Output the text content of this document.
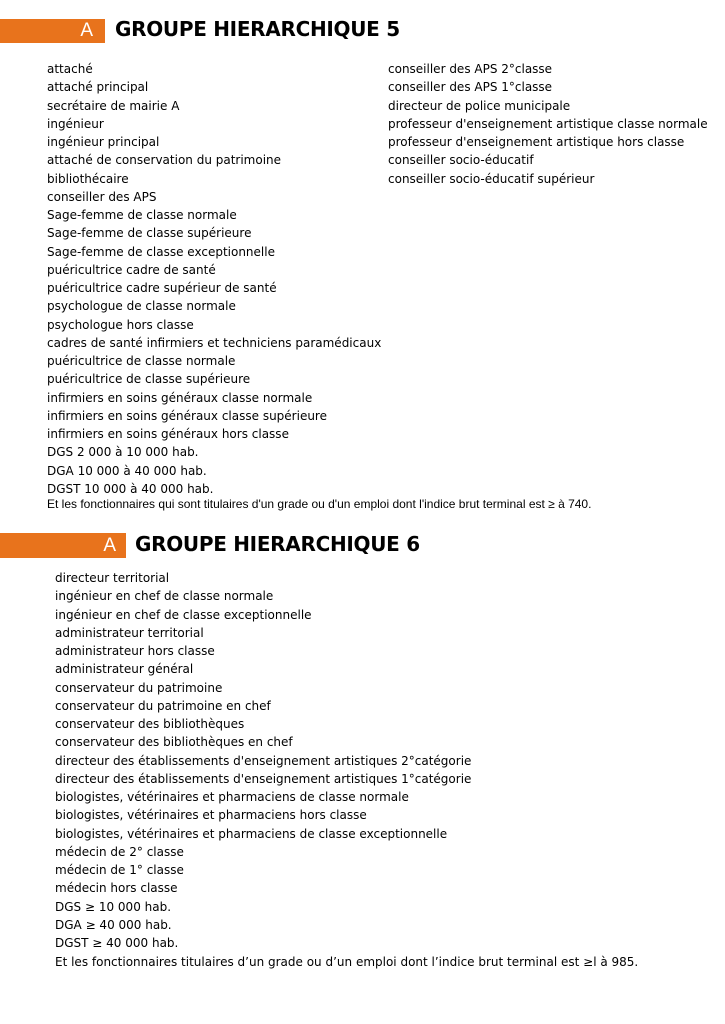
A GROUPE HIERARCHIQUE 5
attaché
attaché principal
secrétaire de mairie A
ingénieur
ingénieur principal
attaché de conservation du patrimoine
bibliothécaire
conseiller des APS
Sage-femme de classe normale
Sage-femme de classe supérieure
Sage-femme de classe exceptionnelle
puéricultrice cadre de santé
puéricultrice cadre supérieur de santé
psychologue de classe normale
psychologue hors classe
cadres de santé infirmiers et techniciens paramédicaux
puéricultrice de classe normale
puéricultrice de classe supérieure
infirmiers en soins généraux classe normale
infirmiers en soins généraux classe supérieure
infirmiers en soins généraux hors classe
DGS 2 000 à 10 000 hab.
DGA 10 000 à 40 000 hab.
DGST 10 000 à 40 000 hab.
conseiller des APS 2°classe
conseiller des APS 1°classe
directeur de police municipale
professeur d'enseignement artistique classe normale
professeur d'enseignement artistique hors classe
conseiller socio-éducatif
conseiller socio-éducatif supérieur
Et les fonctionnaires qui sont titulaires d'un grade ou d'un emploi dont l'indice brut terminal est ≥ à 740.
A GROUPE HIERARCHIQUE 6
directeur territorial
ingénieur en chef de classe normale
ingénieur en chef de classe exceptionnelle
administrateur territorial
administrateur hors classe
administrateur général
conservateur du patrimoine
conservateur du patrimoine en chef
conservateur des bibliothèques
conservateur des bibliothèques en chef
directeur des établissements d'enseignement artistiques 2°catégorie
directeur des établissements d'enseignement artistiques 1°catégorie
biologistes, vétérinaires et pharmaciens de classe normale
biologistes, vétérinaires et pharmaciens hors classe
biologistes, vétérinaires et pharmaciens de classe exceptionnelle
médecin de 2° classe
médecin de 1° classe
médecin hors classe
DGS ≥ 10 000 hab.
DGA ≥ 40 000 hab.
DGST ≥ 40 000 hab.
Et les fonctionnaires titulaires d’un grade ou d’un emploi dont l’indice brut terminal est ≥l à 985.
